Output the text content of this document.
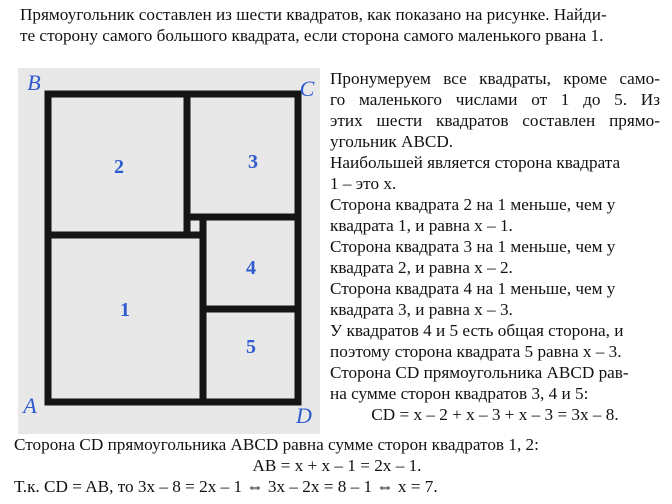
Прямоугольник составлен из шести квадратов, как показано на рисунке. Найди-
те сторону самого большого квадрата, если сторона самого маленького рвана 1.
1
2	3
4
5
B	C
A	D
Пронумеруем все квадраты, кроме само-
го маленького числами от 1 до 5. Из
этих шести квадратов составлен прямо-
угольник ABCD.
Наибольшей является сторона квадрата
1 – это x.
Сторона квадрата 2 на 1 меньше, чем у
квадрата 1, и равна x – 1.
Сторона квадрата 3 на 1 меньше, чем у
квадрата 2, и равна x – 2.
Сторона квадрата 4 на 1 меньше, чем у
квадрата 3, и равна x – 3.
У квадратов 4 и 5 есть общая сторона, и
поэтому сторона квадрата 5 равна x – 3.
Сторона CD прямоугольника ABCD рав-
на сумме сторон квадратов 3, 4 и 5:
CD = x – 2 + x – 3 + x – 3 = 3x – 8.
Сторона CD прямоугольника ABCD равна сумме сторон квадратов 1, 2:
AB = x + x – 1 = 2x – 1.
Т.к. CD = AB, то 3x – 8 = 2x – 1 ⇔ 3x – 2x = 8 – 1 ⇔ x = 7.
